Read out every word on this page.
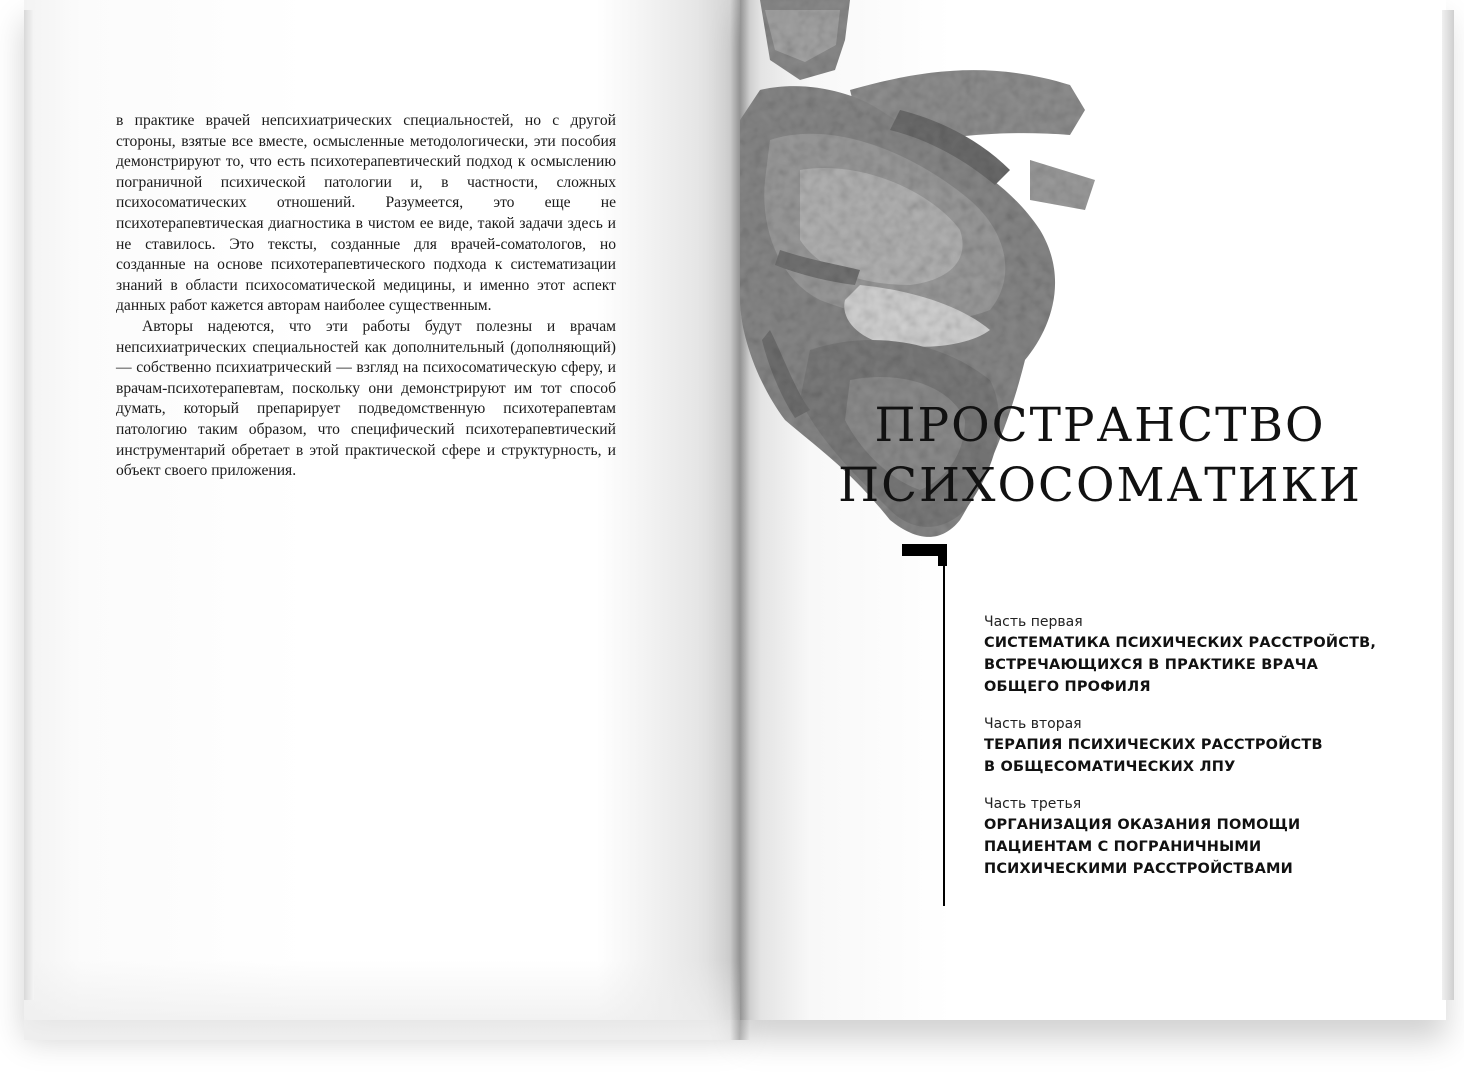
в практике врачей непсихиатрических специальностей, но с другой стороны, взятые все вместе, осмысленные методологически, эти пособия демонстрируют то, что есть психотерапевтический подход к осмыслению пограничной психической патологии и, в частности, сложных психосоматических отношений. Разумеется, это еще не психотерапевтическая диагностика в чистом ее виде, такой задачи здесь и не ставилось. Это тексты, созданные для врачей-соматологов, но созданные на основе психотерапевтического подхода к систематизации знаний в области психосоматической медицины, и именно этот аспект данных работ кажется авторам наиболее существенным.

Авторы надеются, что эти работы будут полезны и врачам непсихиатрических специальностей как дополнительный (дополняющий) — собственно психиатрический — взгляд на психосоматическую сферу, и врачам-психотерапевтам, поскольку они демонстрируют им тот способ думать, который препарирует подведомственную психотерапевтам патологию таким образом, что специфический психотерапевтический инструментарий обретает в этой практической сфере и структурность, и объект своего приложения.

ПРОСТРАНСТВО
ПСИХОСОМАТИКИ
Часть первая
СИСТЕМАТИКА ПСИХИЧЕСКИХ РАССТРОЙСТВ,
ВСТРЕЧАЮЩИХСЯ В ПРАКТИКЕ ВРАЧА
ОБЩЕГО ПРОФИЛЯ
Часть вторая
ТЕРАПИЯ ПСИХИЧЕСКИХ РАССТРОЙСТВ
В ОБЩЕСОМАТИЧЕСКИХ ЛПУ
Часть третья
ОРГАНИЗАЦИЯ ОКАЗАНИЯ ПОМОЩИ
ПАЦИЕНТАМ С ПОГРАНИЧНЫМИ
ПСИХИЧЕСКИМИ РАССТРОЙСТВАМИ
